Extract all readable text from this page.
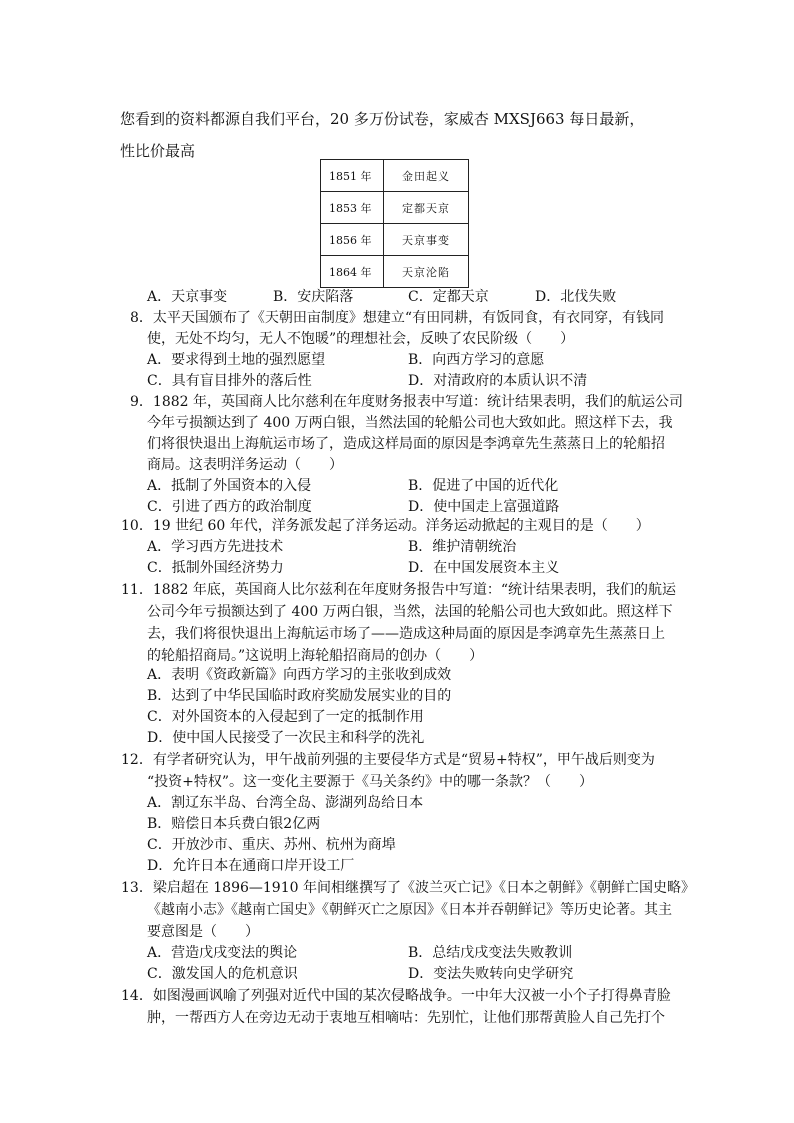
您看到的资料都源自我们平台，20 多万份试卷，家威杏 MXSJ663 每日最新，
性比价最高
1851 年	金田起义
1853 年	定都天京
1856 年	天京事变
1864 年	天京沦陷
A．天京事变	B．安庆陷落	C．定都天京	D．北伐失败
8．太平天国颁布了《天朝田亩制度》想建立“有田同耕，有饭同食，有衣同穿，有钱同
使，无处不均匀，无人不饱暖”的理想社会，反映了农民阶级（　　）
A．要求得到土地的强烈愿望	B．向西方学习的意愿
C．具有盲目排外的落后性	D．对清政府的本质认识不清
9．1882 年，英国商人比尔慈利在年度财务报表中写道：统计结果表明，我们的航运公司
今年亏损额达到了 400 万两白银，当然法国的轮船公司也大致如此。照这样下去，我
们将很快退出上海航运市场了，造成这样局面的原因是李鸿章先生蒸蒸日上的轮船招
商局。这表明洋务运动（　　）
A．抵制了外国资本的入侵	B．促进了中国的近代化
C．引进了西方的政治制度	D．使中国走上富强道路
10．19 世纪 60 年代，洋务派发起了洋务运动。洋务运动掀起的主观目的是（　　）
A．学习西方先进技术	B．维护清朝统治
C．抵制外国经济势力	D．在中国发展资本主义
11．1882 年底，英国商人比尔兹利在年度财务报告中写道：“统计结果表明，我们的航运
公司今年亏损额达到了 400 万两白银，当然，法国的轮船公司也大致如此。照这样下
去，我们将很快退出上海航运市场了——造成这种局面的原因是李鸿章先生蒸蒸日上
的轮船招商局。”这说明上海轮船招商局的创办（　　）
A．表明《资政新篇》向西方学习的主张收到成效
B．达到了中华民国临时政府奖励发展实业的目的
C．对外国资本的入侵起到了一定的抵制作用
D．使中国人民接受了一次民主和科学的洗礼
12．有学者研究认为，甲午战前列强的主要侵华方式是“贸易+特权”，甲午战后则变为
“投资+特权”。这一变化主要源于《马关条约》中的哪一条款？（　　）
A．割辽东半岛、台湾全岛、澎湖列岛给日本
B．赔偿日本兵费白银2亿两
C．开放沙市、重庆、苏州、杭州为商埠
D．允许日本在通商口岸开设工厂
13．梁启超在 1896—1910 年间相继撰写了《波兰灭亡记》《日本之朝鲜》《朝鲜亡国史略》
《越南小志》《越南亡国史》《朝鲜灭亡之原因》《日本并吞朝鲜记》等历史论著。其主
要意图是（　　）
A．营造戊戌变法的舆论	B．总结戊戌变法失败教训
C．激发国人的危机意识	D．变法失败转向史学研究
14．如图漫画讽喻了列强对近代中国的某次侵略战争。一中年大汉被一小个子打得鼻青脸
肿，一帮西方人在旁边无动于衷地互相嘀咕：先别忙，让他们那帮黄脸人自己先打个
